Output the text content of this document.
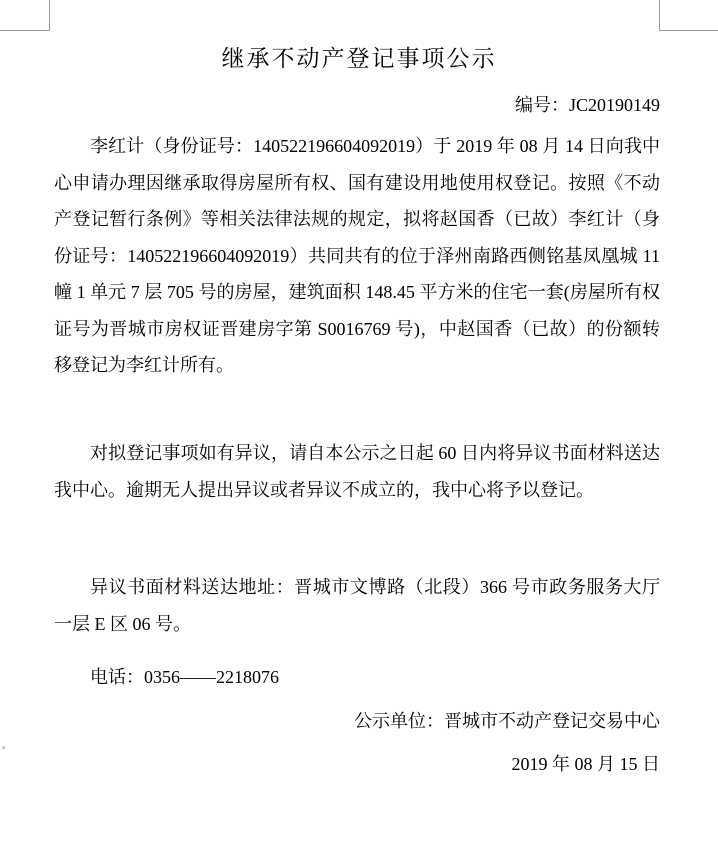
继承不动产登记事项公示
编号：JC20190149

李红计（身份证号：140522196604092019）于 2019 年 08 月 14 日向我中心申请办理因继承取得房屋所有权、国有建设用地使用权登记。按照《不动产登记暂行条例》等相关法律法规的规定，拟将赵国香（已故）李红计（身份证号：140522196604092019）共同共有的位于泽州南路西侧铭基凤凰城 11 幢 1 单元 7 层 705 号的房屋，建筑面积 148.45 平方米的住宅一套(房屋所有权证号为晋城市房权证晋建房字第 S0016769 号)，中赵国香（已故）的份额转移登记为李红计所有。

对拟登记事项如有异议，请自本公示之日起 60 日内将异议书面材料送达我中心。逾期无人提出异议或者异议不成立的，我中心将予以登记。

异议书面材料送达地址：晋城市文博路（北段）366 号市政务服务大厅一层 E 区 06 号。

电话：0356——2218076

公示单位：晋城市不动产登记交易中心
2019 年 08 月 15 日
